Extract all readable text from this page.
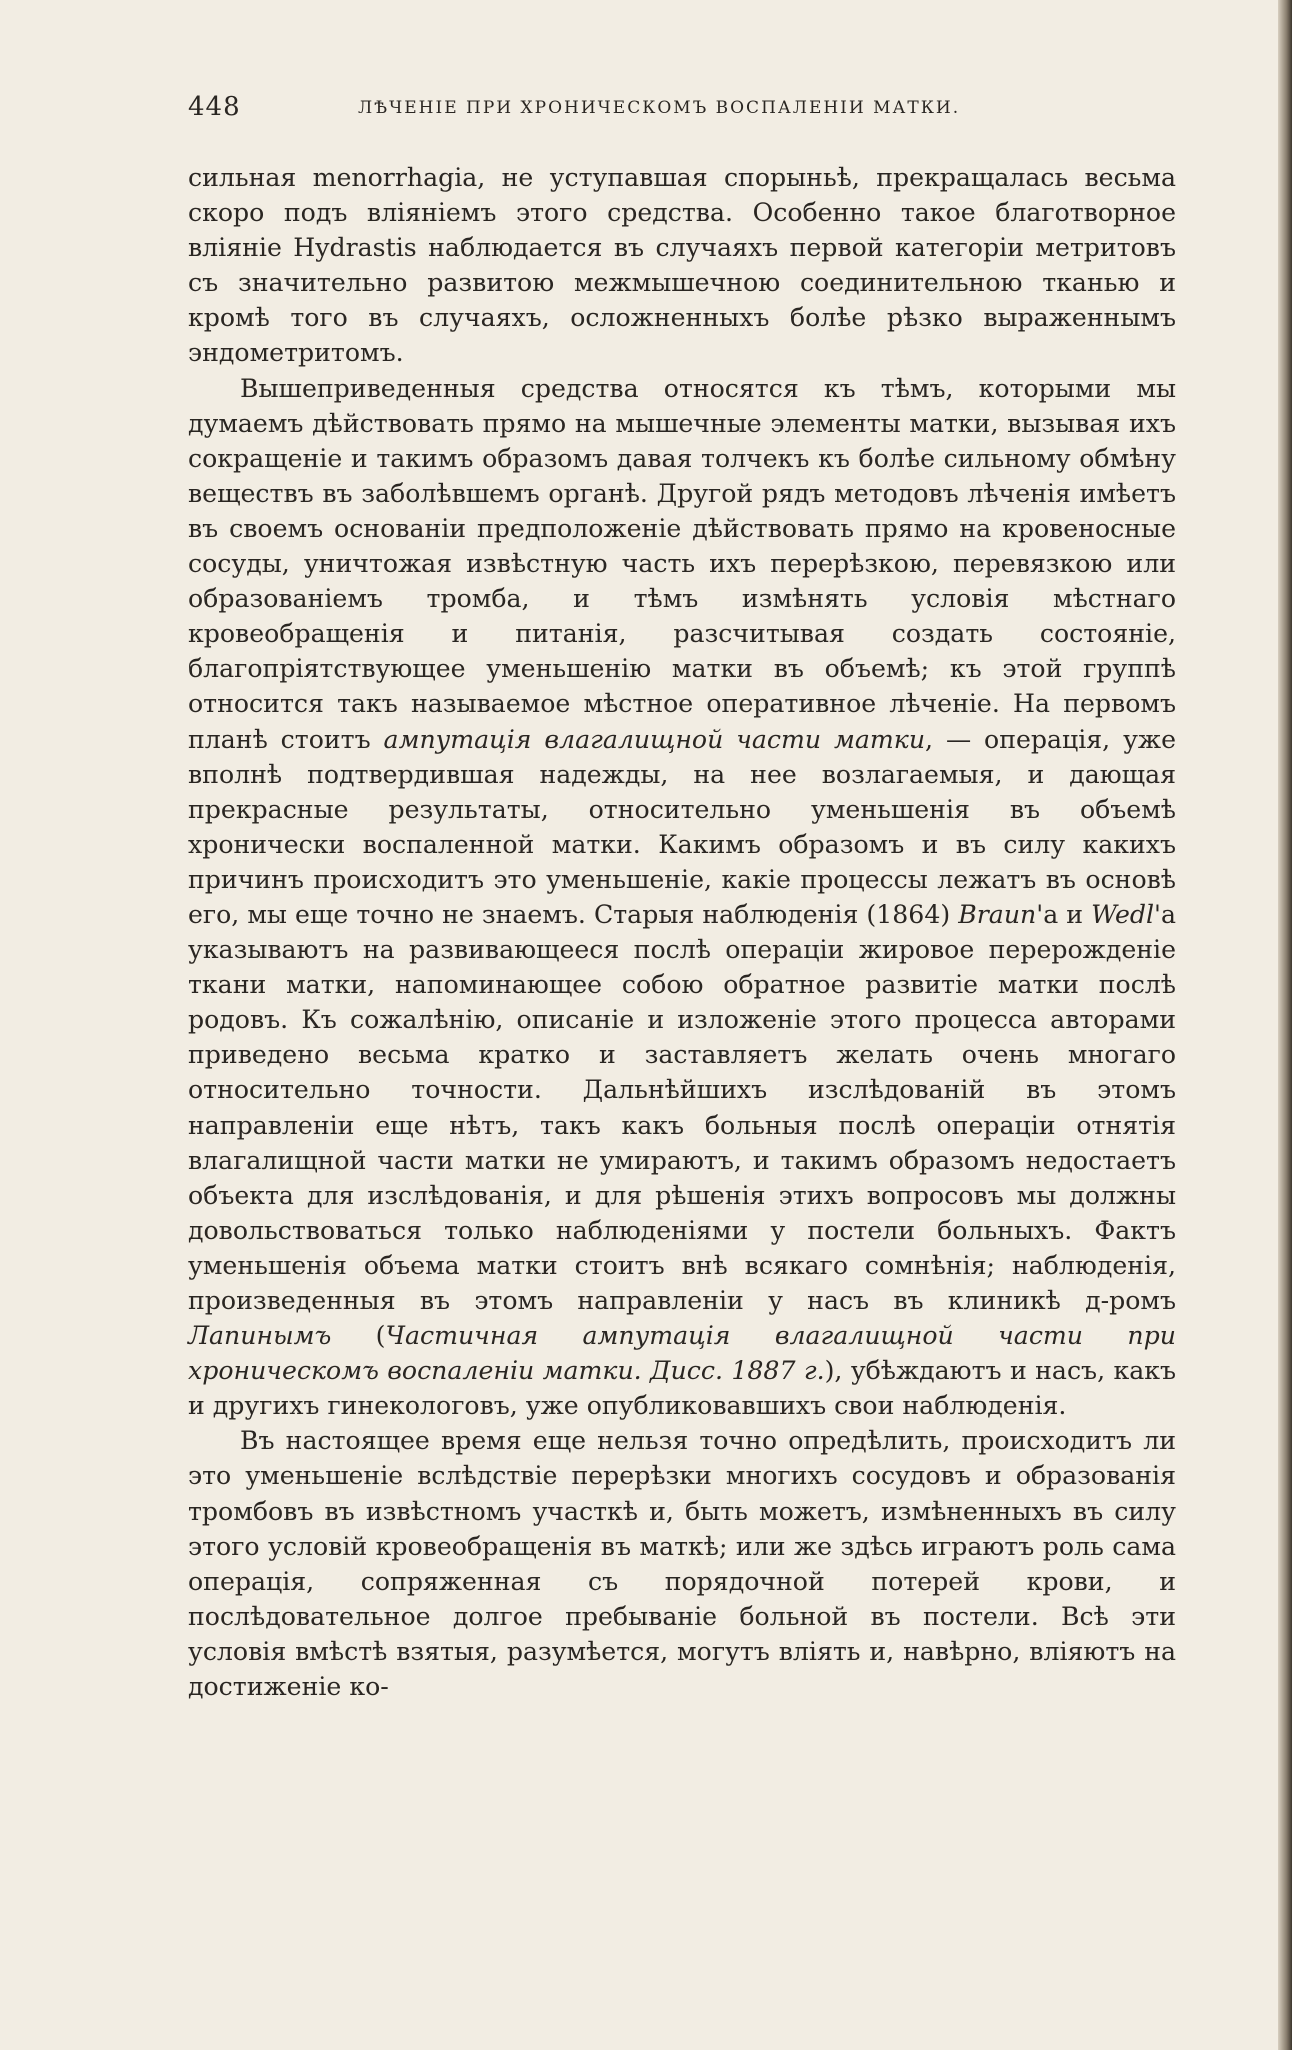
448	ЛѢЧЕНІЕ ПРИ ХРОНИЧЕСКОМЪ ВОСПАЛЕНІИ МАТКИ.

сильная menorrhagia, не уступавшая спорыньѣ, прекращалась весьма скоро подъ вліяніемъ этого средства. Особенно такое благотворное вліяніе Hydrastis наблюдается въ случаяхъ первой категоріи метритовъ съ значительно развитою межмышечною соединительною тканью и кромѣ того въ случаяхъ, осложненныхъ болѣе рѣзко выраженнымъ эндометритомъ.

Вышеприведенныя средства относятся къ тѣмъ, которыми мы думаемъ дѣйствовать прямо на мышечные элементы матки, вызывая ихъ сокращеніе и такимъ образомъ давая толчекъ къ болѣе сильному обмѣну веществъ въ заболѣвшемъ органѣ. Другой рядъ методовъ лѣченія имѣетъ въ своемъ основаніи предположеніе дѣйствовать прямо на кровеносные сосуды, уничтожая извѣстную часть ихъ перерѣзкою, перевязкою или образованіемъ тромба, и тѣмъ измѣнять условія мѣстнаго кровеобращенія и питанія, разсчитывая создать состояніе, благопріятствующее уменьшенію матки въ объемѣ; къ этой группѣ относится такъ называемое мѣстное оперативное лѣченіе. На первомъ планѣ стоитъ ампутація влагалищной части матки, — операція, уже вполнѣ подтвердившая надежды, на нее возлагаемыя, и дающая прекрасные результаты, относительно уменьшенія въ объемѣ хронически воспаленной матки. Какимъ образомъ и въ силу какихъ причинъ происходитъ это уменьшеніе, какіе процессы лежатъ въ основѣ его, мы еще точно не знаемъ. Старыя наблюденія (1864) Braun'а и Wedl'а указываютъ на развивающееся послѣ операціи жировое перерожденіе ткани матки, напоминающее собою обратное развитіе матки послѣ родовъ. Къ сожалѣнію, описаніе и изложеніе этого процесса авторами приведено весьма кратко и заставляетъ желать очень многаго относительно точности. Дальнѣйшихъ изслѣдованій въ этомъ направленіи еще нѣтъ, такъ какъ больныя послѣ операціи отнятія влагалищной части матки не умираютъ, и такимъ образомъ недостаетъ объекта для изслѣдованія, и для рѣшенія этихъ вопросовъ мы должны довольствоваться только наблюденіями у постели больныхъ. Фактъ уменьшенія объема матки стоитъ внѣ всякаго сомнѣнія; наблюденія, произведенныя въ этомъ направленіи у насъ въ клиникѣ д-ромъ Лапинымъ (Частичная ампутація влагалищной части при хроническомъ воспаленіи матки. Дисс. 1887 г.), убѣждаютъ и насъ, какъ и другихъ гинекологовъ, уже опубликовавшихъ свои наблюденія.

Въ настоящее время еще нельзя точно опредѣлить, происходитъ ли это уменьшеніе вслѣдствіе перерѣзки многихъ сосудовъ и образованія тромбовъ въ извѣстномъ участкѣ и, быть можетъ, измѣненныхъ въ силу этого условій кровеобращенія въ маткѣ; или же здѣсь играютъ роль сама операція, сопряженная съ порядочной потерей крови, и послѣдовательное долгое пребываніе больной въ постели. Всѣ эти условія вмѣстѣ взятыя, разумѣется, могутъ вліять и, навѣрно, вліяютъ на достиженіе ко-
